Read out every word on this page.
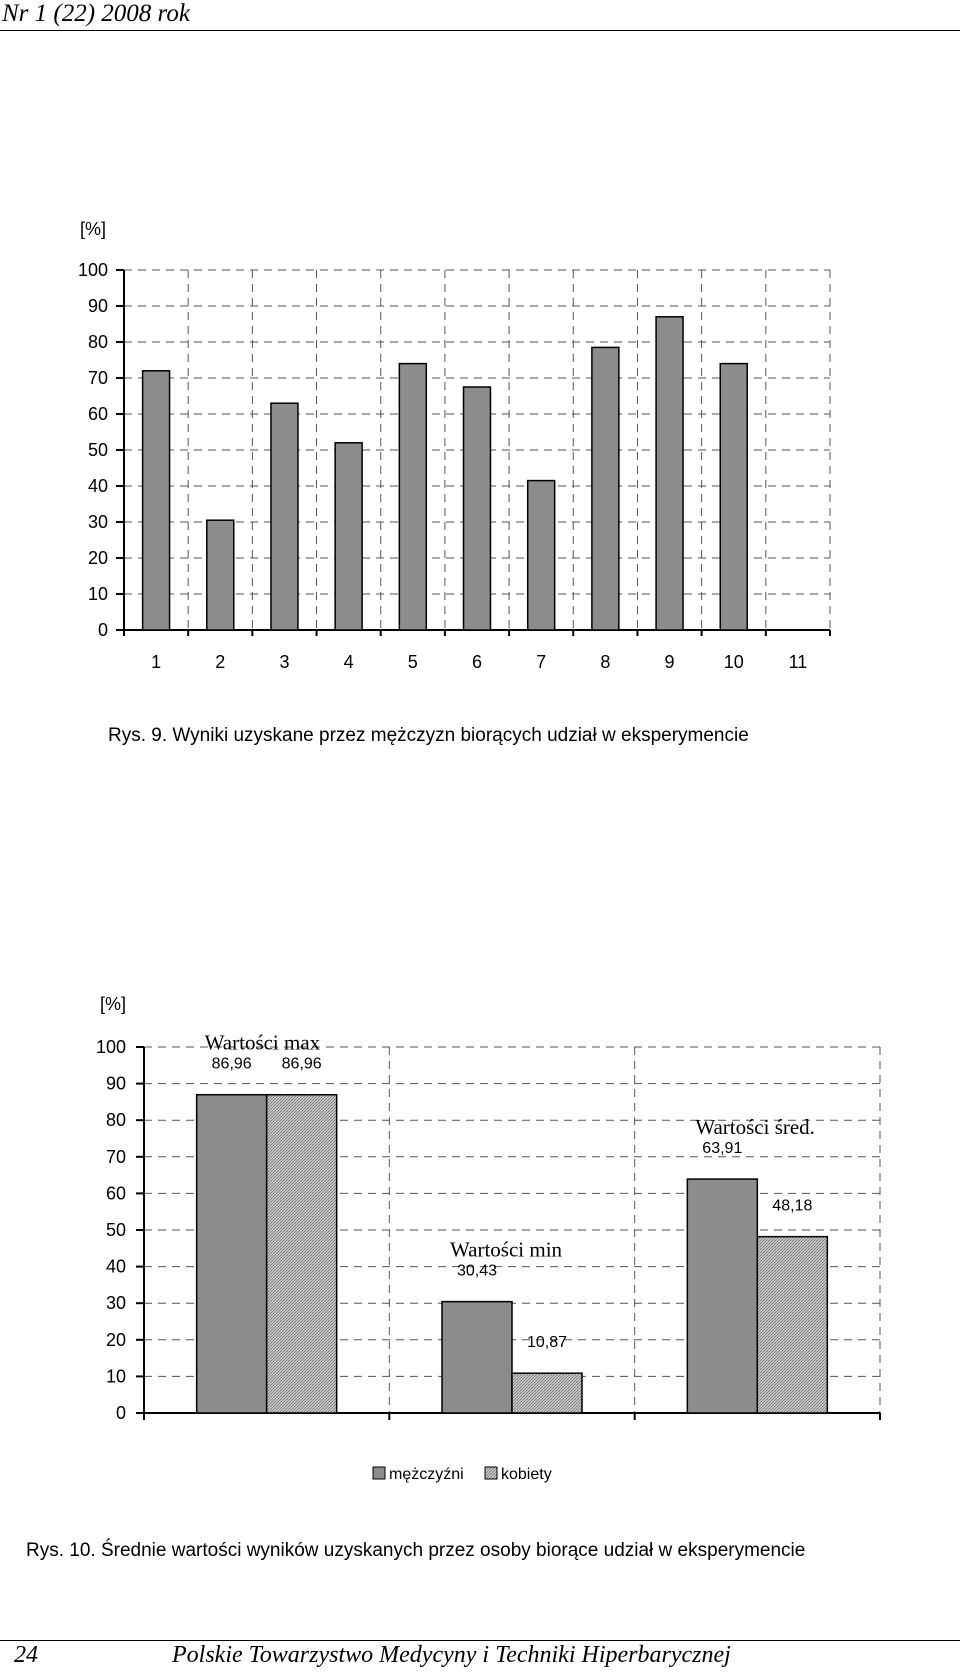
Nr 1 (22) 2008 rok
[%]
0
10
20
30
40
50
60
70
80
90
100
1	2	3	4	5	6	7	8	9	10 11
Rys. 9. Wyniki uzyskane przez mężczyzn biorących udział w eksperymencie
[%]
0
10
20
30
40
50
60
70
80
90
100
86,96 86,96
Wartości max
30,43
10,87
Wartości min
63,91
48,18
Wartości śred.
mężczyźni kobiety
Rys. 10. Średnie wartości wyników uzyskanych przez osoby biorące udział w eksperymencie
24	Polskie Towarzystwo Medycyny i Techniki Hiperbarycznej
